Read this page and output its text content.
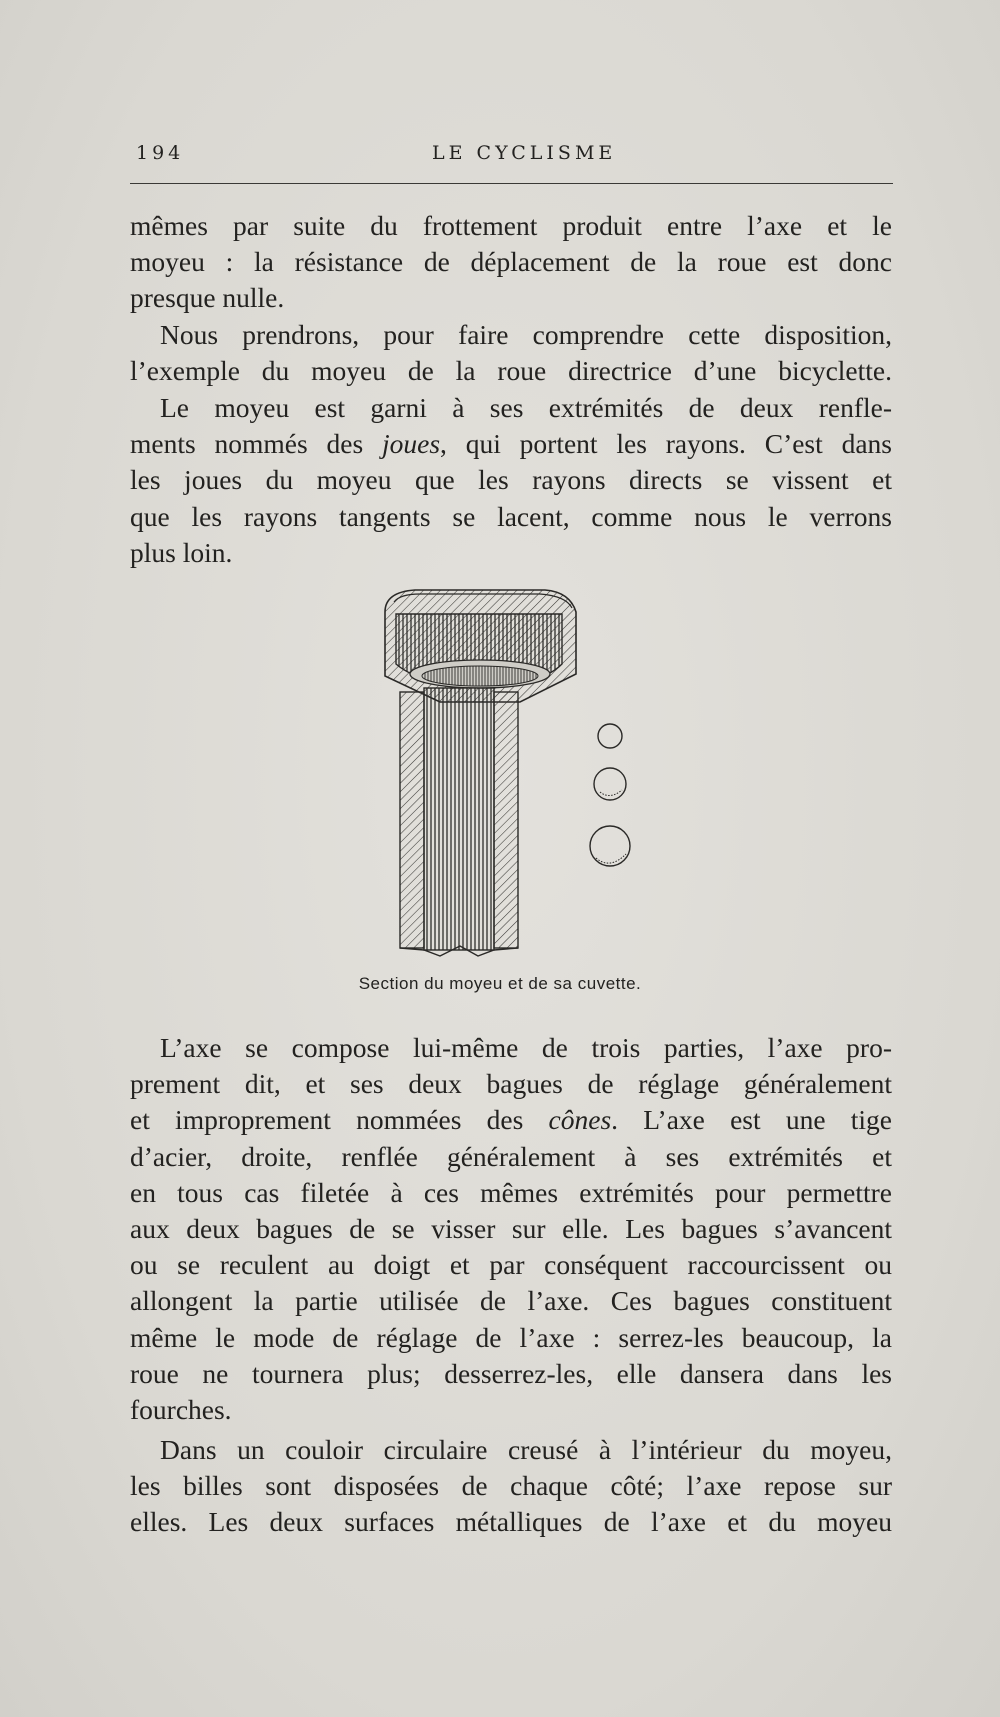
194	LE CYCLISME

mêmes par suite du frottement produit entre l’axe et le
moyeu : la résistance de déplacement de la roue est donc
presque nulle.

Nous prendrons, pour faire comprendre cette disposition,
l’exemple du moyeu de la roue directrice d’une bicyclette.

Le moyeu est garni à ses extrémités de deux renfle-
ments nommés des joues, qui portent les rayons. C’est dans
les joues du moyeu que les rayons directs se vissent et
que les rayons tangents se lacent, comme nous le verrons
plus loin.

Section du moyeu et de sa cuvette.

L’axe se compose lui-même de trois parties, l’axe pro-
prement dit, et ses deux bagues de réglage généralement
et improprement nommées des cônes. L’axe est une tige
d’acier, droite, renflée généralement à ses extrémités et
en tous cas filetée à ces mêmes extrémités pour permettre
aux deux bagues de se visser sur elle. Les bagues s’avancent
ou se reculent au doigt et par conséquent raccourcissent ou
allongent la partie utilisée de l’axe. Ces bagues constituent
même le mode de réglage de l’axe : serrez-les beaucoup, la
roue ne tournera plus; desserrez-les, elle dansera dans les
fourches.

Dans un couloir circulaire creusé à l’intérieur du moyeu,
les billes sont disposées de chaque côté; l’axe repose sur
elles. Les deux surfaces métalliques de l’axe et du moyeu
